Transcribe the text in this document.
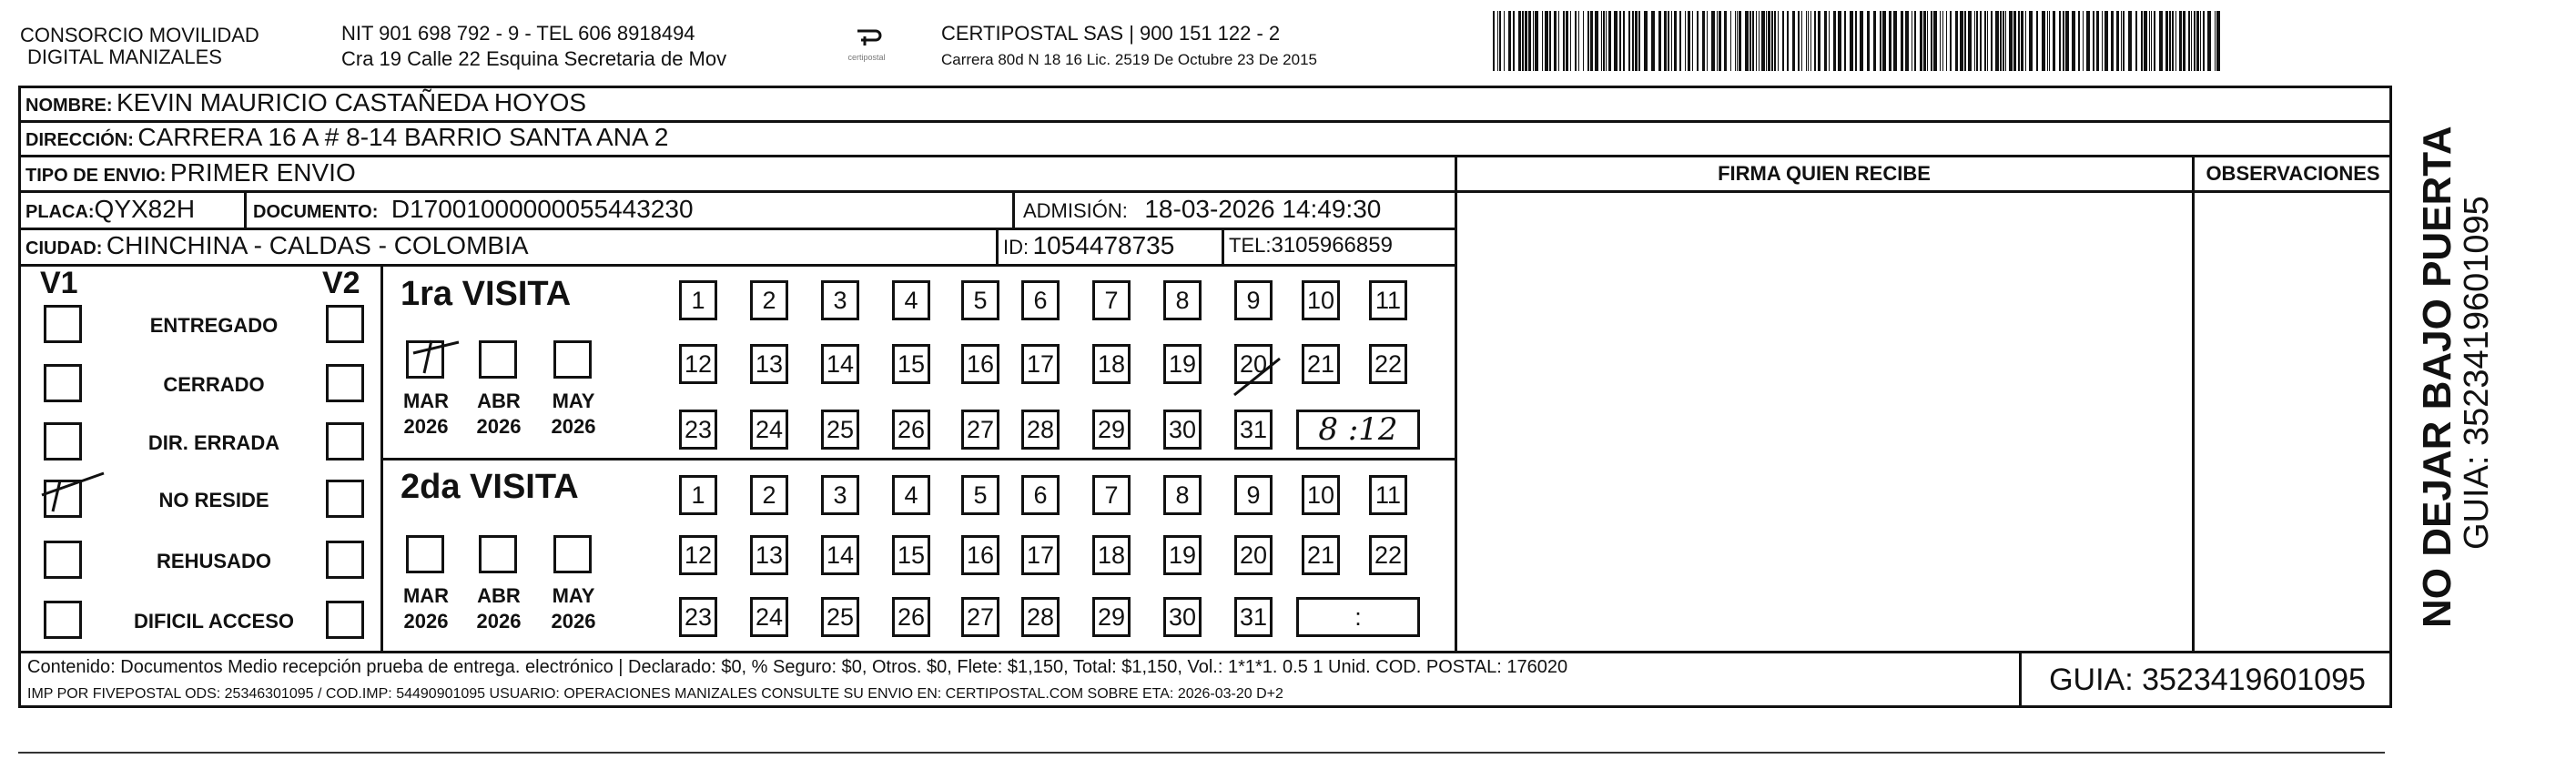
CONSORCIO MOVILIDAD
DIGITAL MANIZALES
NIT 901 698 792 - 9 - TEL 606 8918494
Cra 19 Calle 22 Esquina Secretaria de Mov	certipostal
CERTIPOSTAL SAS | 900 151 122 - 2
Carrera 80d N 18 16 Lic. 2519 De Octubre 23 De 2015
NOMBRE: KEVIN MAURICIO CASTAÑEDA HOYOS
DIRECCIÓN: CARRERA 16 A # 8-14 BARRIO SANTA ANA 2
TIPO DE ENVIO: PRIMER ENVIO	FIRMA QUIEN RECIBE	OBSERVACIONES
PLACA:QYX82H	DOCUMENTO: D17001000000055443230	ADMISIÓN: 18-03-2026 14:49:30
CIUDAD: CHINCHINA - CALDAS - COLOMBIA	ID: 1054478735	TEL:3105966859
V1	V2
ENTREGADO
CERRADO
DIR. ERRADA
NO RESIDE
REHUSADO
DIFICIL ACCESO
1ra VISITA
2da VISITA
1	2	3	4	5	6	7	8	9	10 11
12 13 14 15 16 17 18 19 20 21 22
23 24 25 26 27 28 29 30 31	8 :12
1	2	3	4	5	6	7	8	9	10 11
12 13 14 15 16 17 18 19 20 21 22
23 24 25 26 27 28 29 30 31	:
MAR
2026
ABR
2026
MAY
2026
MAR
2026
ABR
2026
MAY
2026
Contenido: Documentos Medio recepción prueba de entrega. electrónico | Declarado: $0, % Seguro: $0, Otros. $0, Flete: $1,150, Total: $1,150, Vol.: 1*1*1. 0.5 1 Unid. COD. POSTAL: 176020
IMP POR FIVEPOSTAL ODS: 25346301095 / COD.IMP: 54490901095 USUARIO: OPERACIONES MANIZALES CONSULTE SU ENVIO EN: CERTIPOSTAL.COM SOBRE ETA: 2026-03-20 D+2	GUIA: 3523419601095
NO DEJAR BAJO PUERTA
GUIA: 3523419601095
